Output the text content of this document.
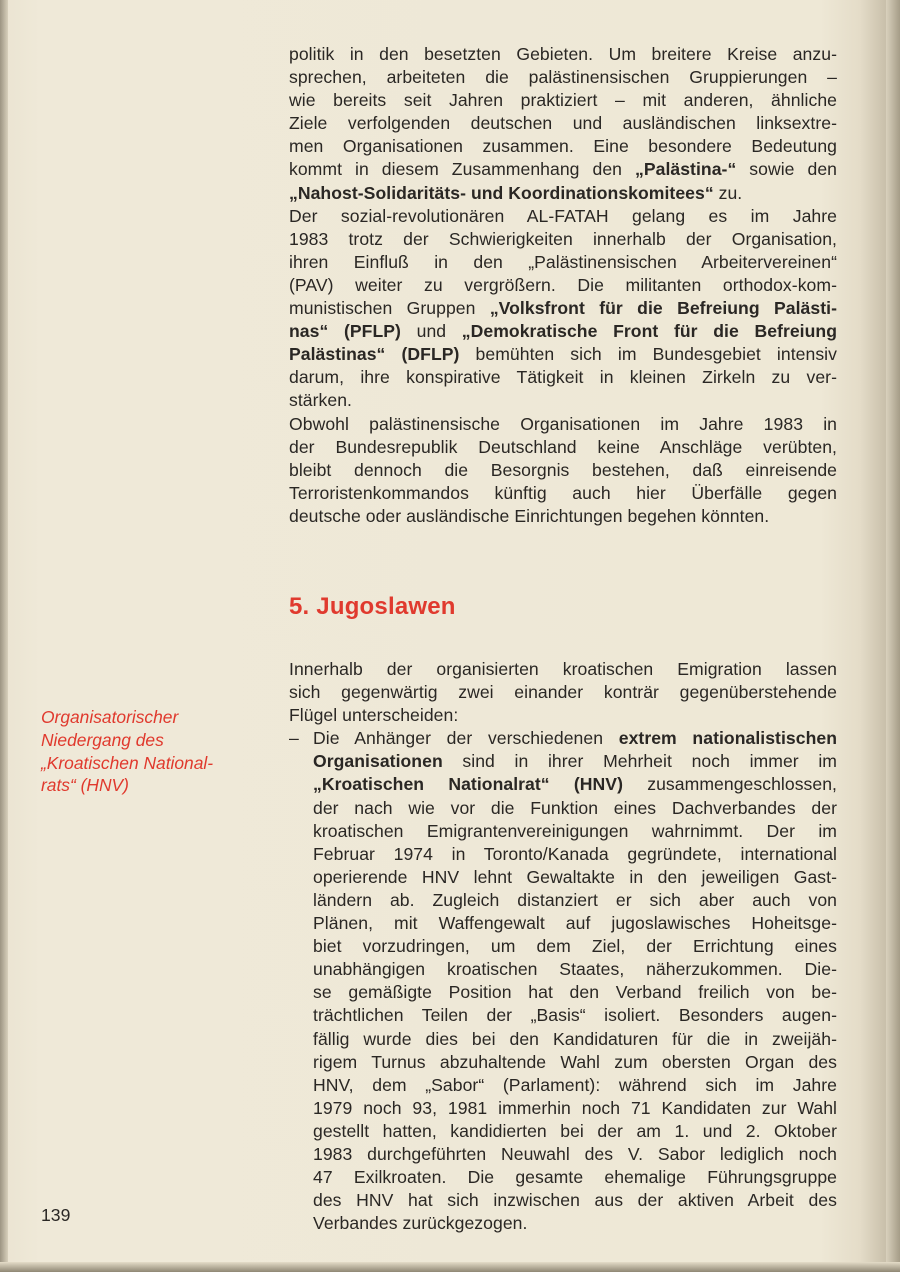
politik in den besetzten Gebieten. Um breitere Kreise anzu-
sprechen, arbeiteten die palästinensischen Gruppierungen –
wie bereits seit Jahren praktiziert – mit anderen, ähnliche
Ziele verfolgenden deutschen und ausländischen linksextre-
men Organisationen zusammen. Eine besondere Bedeutung
kommt in diesem Zusammenhang den „Palästina-“ sowie den
„Nahost-Solidaritäts- und Koordinationskomitees“ zu.
Der sozial-revolutionären AL-FATAH gelang es im Jahre
1983 trotz der Schwierigkeiten innerhalb der Organisation,
ihren Einfluß in den „Palästinensischen Arbeitervereinen“
(PAV) weiter zu vergrößern. Die militanten orthodox-kom-
munistischen Gruppen „Volksfront für die Befreiung Palästi-
nas“ (PFLP) und „Demokratische Front für die Befreiung
Palästinas“ (DFLP) bemühten sich im Bundesgebiet intensiv
darum, ihre konspirative Tätigkeit in kleinen Zirkeln zu ver-
stärken.
Obwohl palästinensische Organisationen im Jahre 1983 in
der Bundesrepublik Deutschland keine Anschläge verübten,
bleibt dennoch die Besorgnis bestehen, daß einreisende
Terroristenkommandos künftig auch hier Überfälle gegen
deutsche oder ausländische Einrichtungen begehen könnten.
5. Jugoslawen
Organisatorischer
Niedergang des
„Kroatischen National-
rats“ (HNV)
Innerhalb der organisierten kroatischen Emigration lassen
sich gegenwärtig zwei einander konträr gegenüberstehende
Flügel unterscheiden:
– Die Anhänger der verschiedenen extrem nationalistischen
Organisationen sind in ihrer Mehrheit noch immer im
„Kroatischen Nationalrat“ (HNV) zusammengeschlossen,
der nach wie vor die Funktion eines Dachverbandes der
kroatischen Emigrantenvereinigungen wahrnimmt. Der im
Februar 1974 in Toronto/Kanada gegründete, international
operierende HNV lehnt Gewaltakte in den jeweiligen Gast-
ländern ab. Zugleich distanziert er sich aber auch von
Plänen, mit Waffengewalt auf jugoslawisches Hoheitsge-
biet vorzudringen, um dem Ziel, der Errichtung eines
unabhängigen kroatischen Staates, näherzukommen. Die-
se gemäßigte Position hat den Verband freilich von be-
trächtlichen Teilen der „Basis“ isoliert. Besonders augen-
fällig wurde dies bei den Kandidaturen für die in zweijäh-
rigem Turnus abzuhaltende Wahl zum obersten Organ des
HNV, dem „Sabor“ (Parlament): während sich im Jahre
1979 noch 93, 1981 immerhin noch 71 Kandidaten zur Wahl
gestellt hatten, kandidierten bei der am 1. und 2. Oktober
1983 durchgeführten Neuwahl des V. Sabor lediglich noch
47 Exilkroaten. Die gesamte ehemalige Führungsgruppe
des HNV hat sich inzwischen aus der aktiven Arbeit des
Verbandes zurückgezogen.
139
